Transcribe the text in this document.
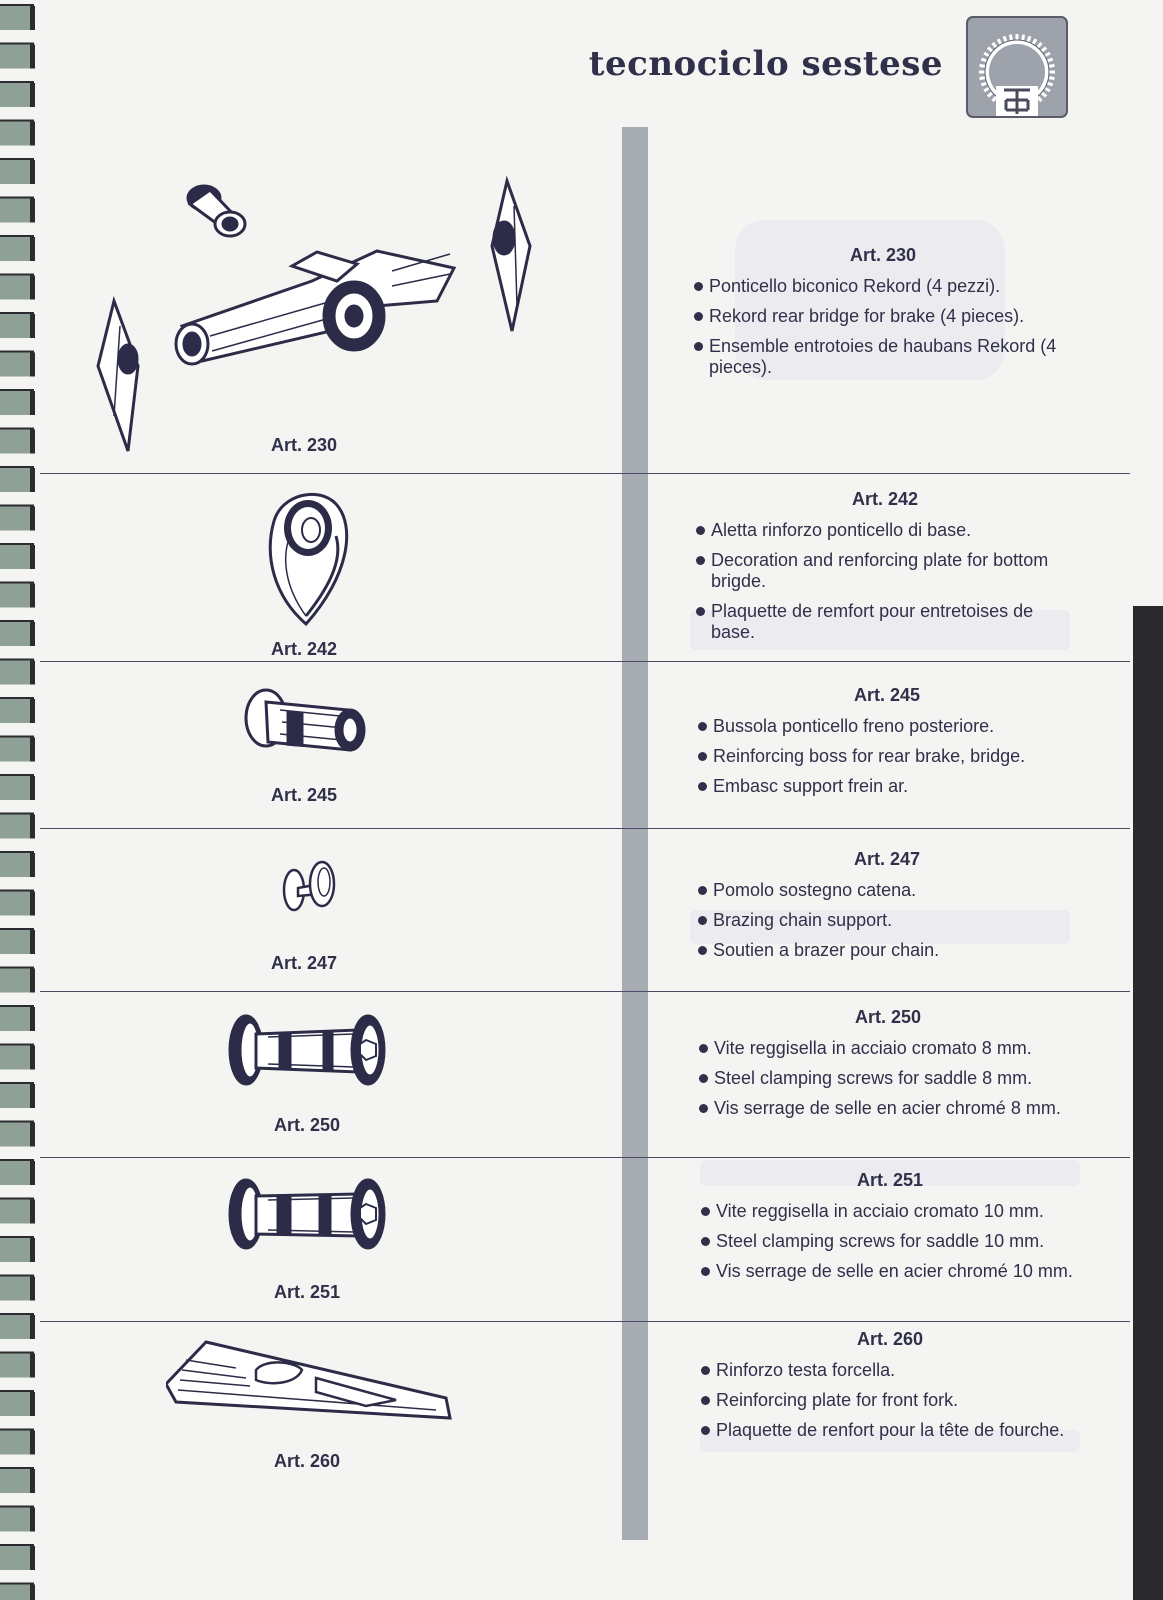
tecnociclo sestese
Art. 230
Art. 242
Art. 245
Art. 247
Art. 250
Art. 251
Art. 260
Art. 230
Ponticello biconico Rekord (4 pezzi).
Rekord rear bridge for brake (4 pieces).
Ensemble entrotoies de haubans Rekord (4 pieces).
Art. 242
Aletta rinforzo ponticello di base.
Decoration and renforcing plate for bottom brigde.
Plaquette de remfort pour entretoises de base.
Art. 245
Bussola ponticello freno posteriore.
Reinforcing boss for rear brake, bridge.
Embasc support frein ar.
Art. 247
Pomolo sostegno catena.
Brazing chain support.
Soutien a brazer pour chain.
Art. 250
Vite reggisella in acciaio cromato 8 mm.
Steel clamping screws for saddle 8 mm.
Vis serrage de selle en acier chromé 8 mm.
Art. 251
Vite reggisella in acciaio cromato 10 mm.
Steel clamping screws for saddle 10 mm.
Vis serrage de selle en acier chromé 10 mm.
Art. 260
Rinforzo testa forcella.
Reinforcing plate for front fork.
Plaquette de renfort pour la tête de fourche.
